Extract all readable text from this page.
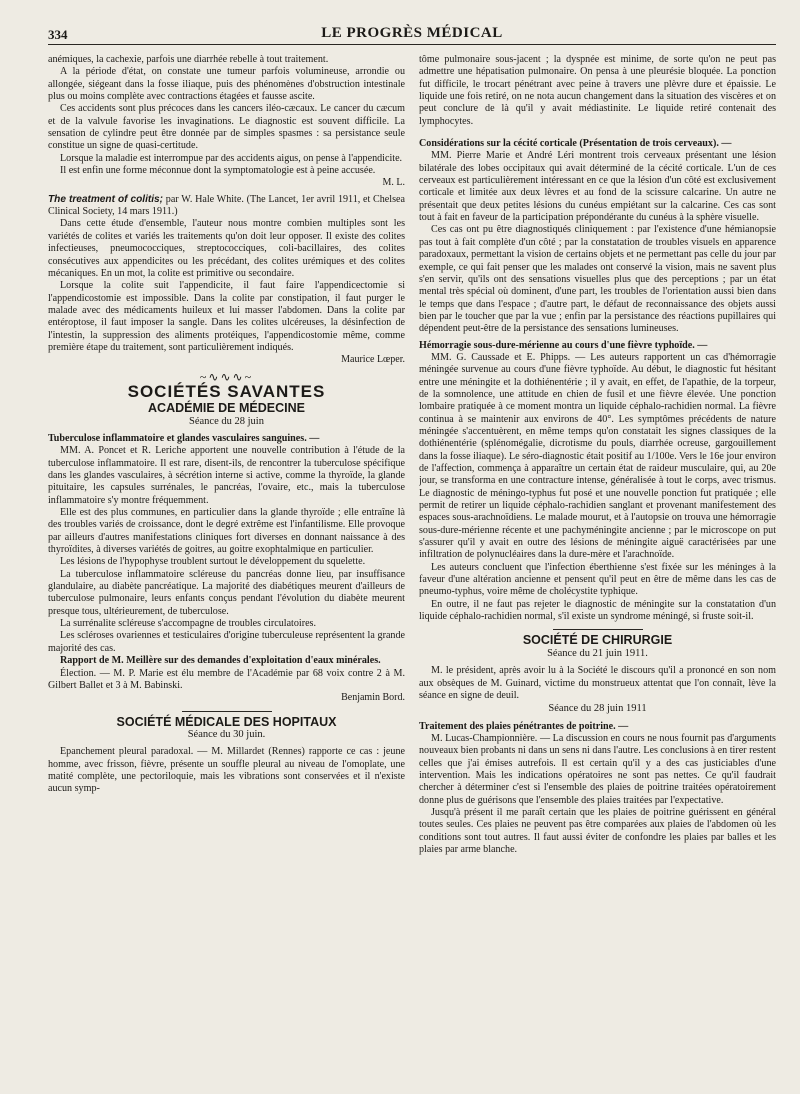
334	LE PROGRÈS MÉDICAL

anémiques, la cachexie, parfois une diarrhée rebelle à tout traitement.

A la période d'état, on constate une tumeur parfois volumineuse, arrondie ou allongée, siégeant dans la fosse iliaque, puis des phénomènes d'obstruction intestinale plus ou moins complète avec contractions étagées et fausse ascite.

Ces accidents sont plus précoces dans les cancers iléo-cæcaux. Le cancer du cæcum et de la valvule favorise les invaginations. Le diagnostic est souvent difficile. La sensation de cylindre peut être donnée par de simples spasmes : sa persistance seule constitue un signe de quasi-certitude.

Lorsque la maladie est interrompue par des accidents aigus, on pense à l'appendicite.

Il est enfin une forme méconnue dont la symptomatologie est à peine accusée.

M. L.

The treatment of colitis; par W. Hale White. (The Lancet, 1er avril 1911, et Chelsea Clinical Society, 14 mars 1911.)

Dans cette étude d'ensemble, l'auteur nous montre combien multiples sont les variétés de colites et variés les traitements qu'on doit leur opposer. Il existe des colites infectieuses, pneumococciques, streptococciques, coli-bacillaires, des colites consécutives aux appendicites ou les précédant, des colites urémiques et des colites mécaniques. En un mot, la colite est primitive ou secondaire.

Lorsque la colite suit l'appendicite, il faut faire l'appendicectomie si l'appendicostomie est impossible. Dans la colite par constipation, il faut purger le malade avec des médicaments huileux et lui masser l'abdomen. Dans la colite par entéroptose, il faut imposer la sangle. Dans les colites ulcéreuses, la désinfection de l'intestin, la suppression des aliments protéiques, l'appendicostomie même, comme première étape du traitement, sont particulièrement indiqués.

Maurice Lœper.
~∿∿∿~
SOCIÉTÉS SAVANTES
ACADÉMIE DE MÉDECINE
Séance du 28 juin

Tuberculose inflammatoire et glandes vasculaires sanguines. —

MM. A. Poncet et R. Leriche apportent une nouvelle contribution à l'étude de la tuberculose inflammatoire. Il est rare, disent-ils, de rencontrer la tuberculose spécifique dans les glandes vasculaires, à sécrétion interne si active, comme la thyroïde, la glande pituitaire, les capsules surrénales, le pancréas, l'ovaire, etc., mais la tuberculose inflammatoire s'y montre fréquemment.

Elle est des plus communes, en particulier dans la glande thyroïde ; elle entraîne là des troubles variés de croissance, dont le degré extrême est l'infantilisme. Elle provoque par ailleurs d'autres manifestations cliniques fort diverses en donnant naissance à des thyroïdites, à diverses variétés de goitres, au goitre exophtalmique en particulier.

Les lésions de l'hypophyse troublent surtout le développement du squelette.

La tuberculose inflammatoire scléreuse du pancréas donne lieu, par insuffisance glandulaire, au diabète pancréatique. La majorité des diabétiques meurent d'ailleurs de tuberculose pulmonaire, leurs enfants conçus pendant l'évolution du diabète meurent presque tous, ultérieurement, de tuberculose.

La surrénalite scléreuse s'accompagne de troubles circulatoires.

Les scléroses ovariennes et testiculaires d'origine tuberculeuse représentent la grande majorité des cas.

Rapport de M. Meillère sur des demandes d'exploitation d'eaux minérales.

Élection. — M. P. Marie est élu membre de l'Académie par 68 voix contre 2 à M. Gilbert Ballet et 3 à M. Babinski.

Benjamin Bord.
SOCIÉTÉ MÉDICALE DES HOPITAUX
Séance du 30 juin.

Epanchement pleural paradoxal. — M. Millardet (Rennes) rapporte ce cas : jeune homme, avec frisson, fièvre, présente un souffle pleural au niveau de l'omoplate, une matité complète, une pectoriloquie, mais les vibrations sont conservées et il n'existe aucun symp-

tôme pulmonaire sous-jacent ; la dyspnée est minime, de sorte qu'on ne peut pas admettre une hépatisation pulmonaire. On pensa à une pleurésie bloquée. La ponction fut difficile, le trocart pénétrant avec peine à travers une plèvre dure et épaissie. Le liquide une fois retiré, on ne nota aucun changement dans la situation des viscères et on peut conclure de là qu'il y avait médiastinite. Le liquide retiré contenait des lymphocytes.

Considérations sur la cécité corticale (Présentation de trois cerveaux). —

MM. Pierre Marie et André Léri montrent trois cerveaux présentant une lésion bilatérale des lobes occipitaux qui avait déterminé de la cécité corticale. L'un de ces cerveaux est particulièrement intéressant en ce que la lésion d'un côté est exclusivement corticale et limitée aux deux lèvres et au fond de la scissure calcarine. Un autre ne présentait que deux petites lésions du cunéus empiétant sur la calcarine. Ces cas sont tout à fait en faveur de la participation prépondérante du cunéus à la sphère visuelle.

Ces cas ont pu être diagnostiqués cliniquement : par l'existence d'une hémianopsie pas tout à fait complète d'un côté ; par la constatation de troubles visuels en apparence paradoxaux, permettant la vision de certains objets et ne permettant pas celle du jour par exemple, ce qui fait penser que les malades ont conservé la vision, mais ne savent plus s'en servir, qu'ils ont des sensations visuelles plus que des perceptions ; par un état mental très spécial où dominent, d'une part, les troubles de l'orientation aussi bien dans le temps que dans l'espace ; d'autre part, le défaut de reconnaissance des objets aussi bien par le toucher que par la vue ; enfin par la persistance des réactions pupillaires qui dépendent peut-être de la persistance des sensations lumineuses.

Hémorragie sous-dure-mérienne au cours d'une fièvre typhoïde. —

MM. G. Caussade et E. Phipps. — Les auteurs rapportent un cas d'hémorragie méningée survenue au cours d'une fièvre typhoïde. Au début, le diagnostic fut hésitant entre une méningite et la dothiénentérie ; il y avait, en effet, de l'apathie, de la torpeur, de la somnolence, une attitude en chien de fusil et une fièvre élevée. Une ponction lombaire pratiquée à ce moment montra un liquide céphalo-rachidien normal. La fièvre continua à se maintenir aux environs de 40°. Les symptômes précédents de nature méningée s'accentuèrent, en même temps qu'on constatait les signes classiques de la dothiénentérie (splénomégalie, dicrotisme du pouls, diarrhée ocreuse, gargouillement dans la fosse iliaque). Le séro-diagnostic était positif au 1/100e. Vers le 16e jour environ de l'affection, commença à apparaître un certain état de raideur musculaire, qui, au 20e jour, se transforma en une contracture intense, généralisée à tout le corps, avec trismus. Le diagnostic de méningo-typhus fut posé et une nouvelle ponction fut pratiquée ; elle permit de retirer un liquide céphalo-rachidien sanglant et provenant manifestement des espaces sous-arachnoïdiens. Le malade mourut, et à l'autopsie on trouva une hémorragie sous-dure-mérienne récente et une pachyméningite ancienne ; par le microscope on put s'assurer qu'il y avait en outre des lésions de méningite aiguë caractérisées par une infiltration de polynucléaires dans la dure-mère et l'arachnoïde.

Les auteurs concluent que l'infection éberthienne s'est fixée sur les méninges à la faveur d'une altération ancienne et pensent qu'il peut en être de même dans les cas de pneumo-typhus, voire même de cholécystite typhique.

En outre, il ne faut pas rejeter le diagnostic de méningite sur la constatation d'un liquide céphalo-rachidien normal, s'il existe un syndrome méningé, si fruste soit-il.

SOCIÉTÉ DE CHIRURGIE
Séance du 21 juin 1911.

M. le président, après avoir lu à la Société le discours qu'il a prononcé en son nom aux obsèques de M. Guinard, victime du monstrueux attentat que l'on connaît, lève la séance en signe de deuil.

Séance du 28 juin 1911

Traitement des plaies pénétrantes de poitrine. —

M. Lucas-Championnière. — La discussion en cours ne nous fournit pas d'arguments nouveaux bien probants ni dans un sens ni dans l'autre. Les conclusions à en tirer restent celles que j'ai émises autrefois. Il est certain qu'il y a des cas justiciables d'une intervention. Mais les indications opératoires ne sont pas nettes. Ce qu'il faudrait chercher à déterminer c'est si l'ensemble des plaies de poitrine traitées opératoirement donne plus de guérisons que l'ensemble des plaies traitées par l'expectative.

Jusqu'à présent il me paraît certain que les plaies de poitrine guérissent en général toutes seules. Ces plaies ne peuvent pas être comparées aux plaies de l'abdomen où les conditions sont tout autres. Il faut aussi éviter de confondre les plaies par balles et les plaies par arme blanche.
